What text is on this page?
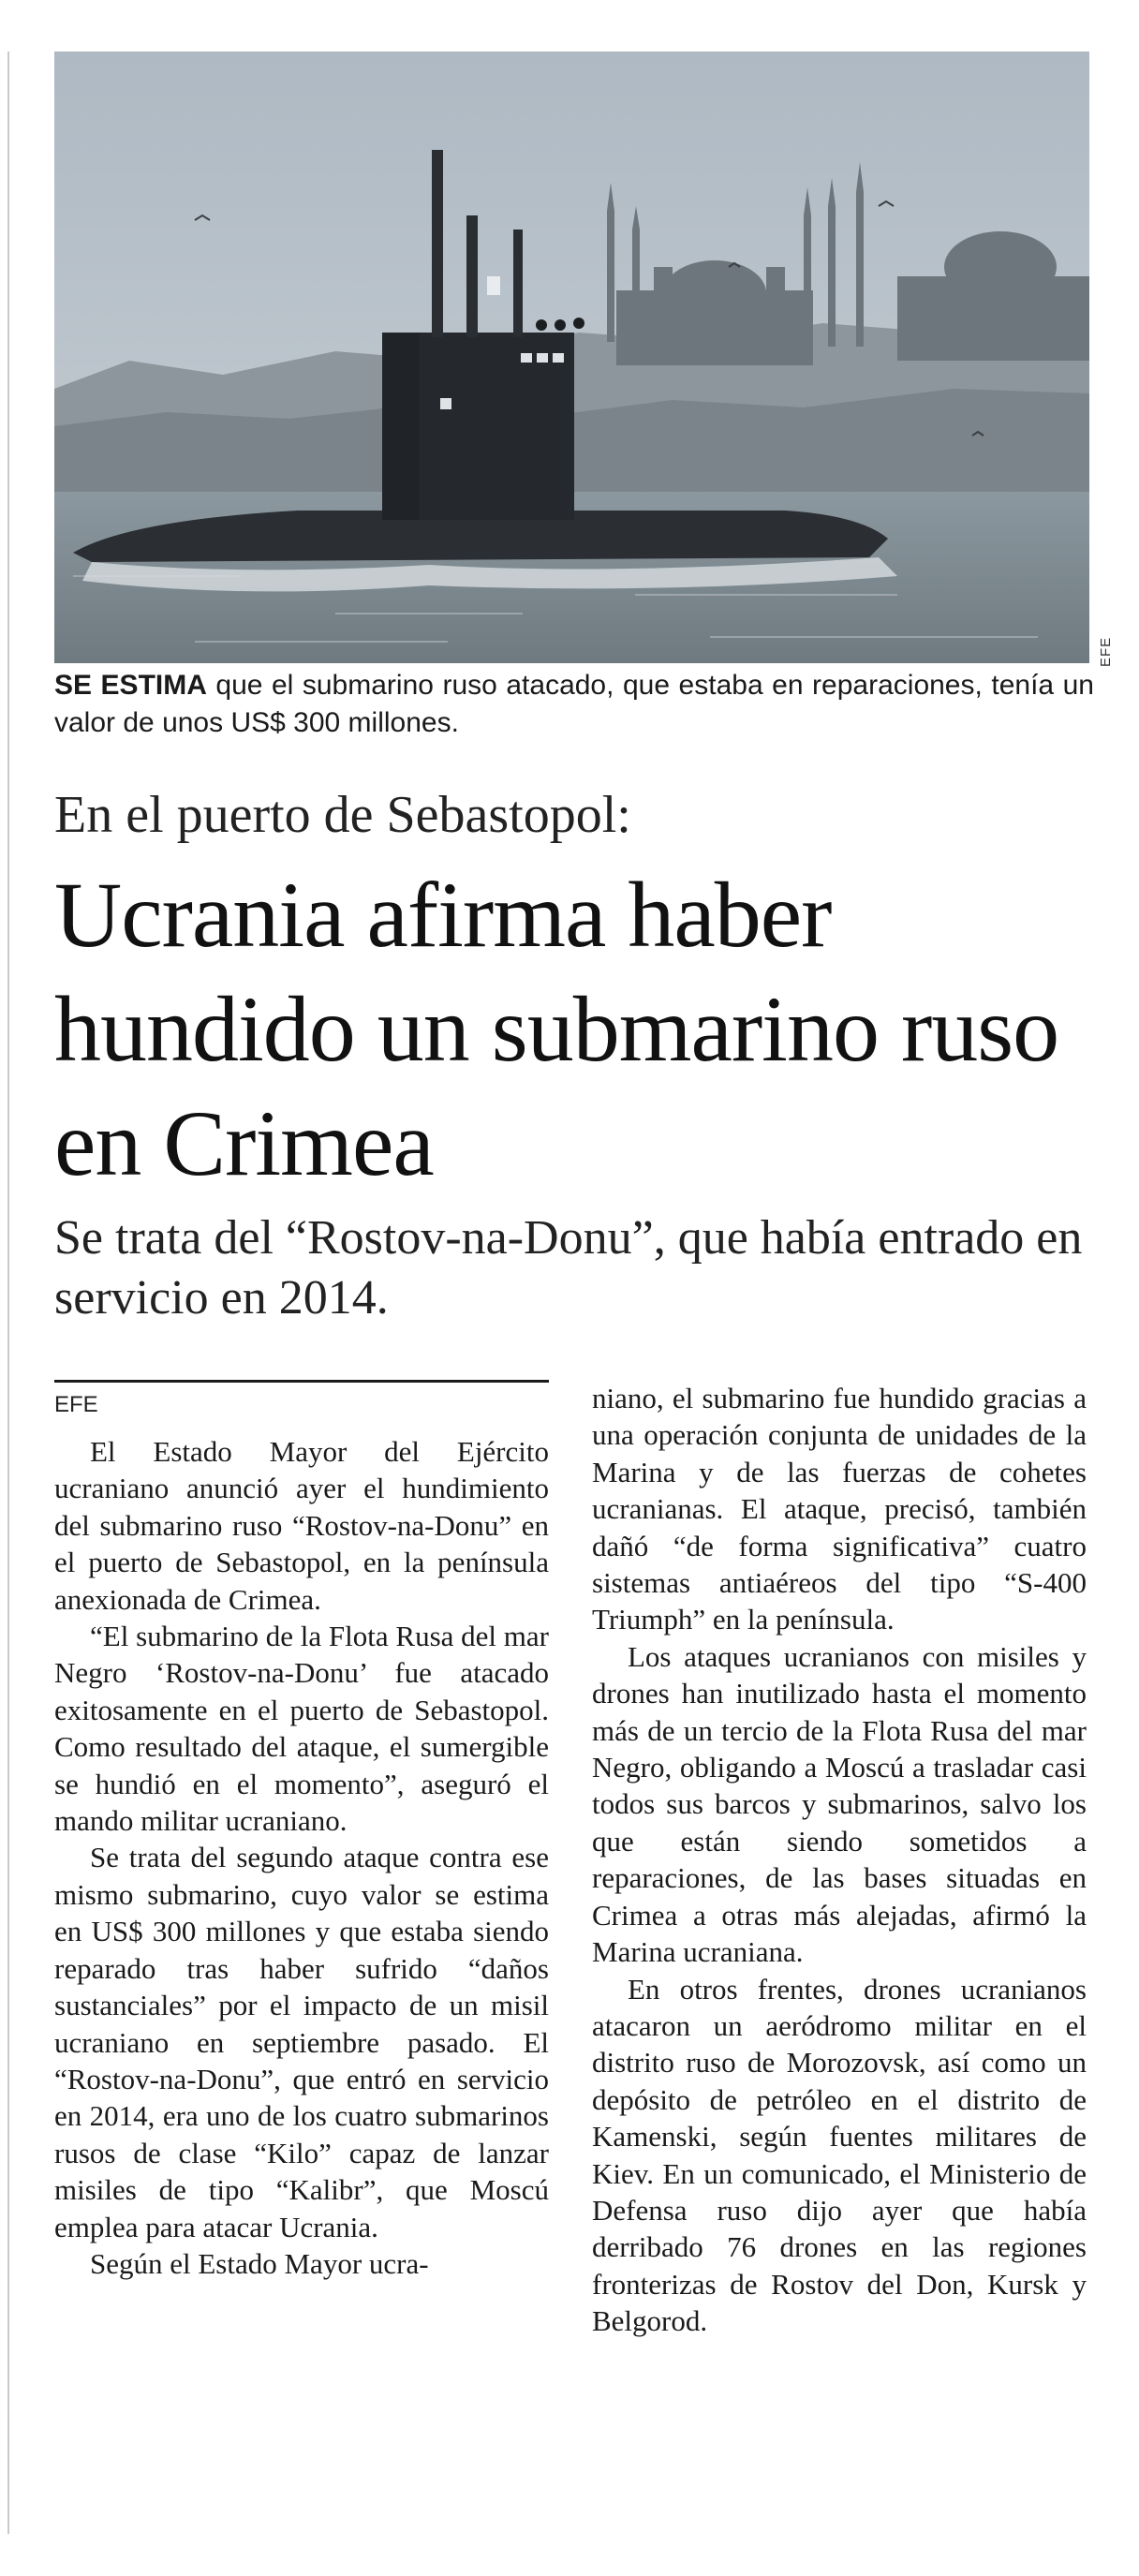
EFE
SE ESTIMA que el submarino ruso atacado, que estaba en reparaciones, tenía un valor de unos US$ 300 millones.
En el puerto de Sebastopol:
Ucrania afirma haber hundido un submarino ruso en Crimea
Se trata del “Rostov-na-Donu”, que había entrado en servicio en 2014.
EFE

El Estado Mayor del Ejército ucraniano anunció ayer el hundimiento del submarino ruso “Rostov-na-Donu” en el puerto de Sebastopol, en la península anexionada de Crimea.

“El submarino de la Flota Rusa del mar Negro ‘Rostov-na-Donu’ fue atacado exitosamente en el puerto de Sebastopol. Como resultado del ataque, el sumergible se hundió en el momento”, aseguró el mando militar ucraniano.

Se trata del segundo ataque contra ese mismo submarino, cuyo valor se estima en US$ 300 millones y que estaba siendo reparado tras haber sufrido “daños sustanciales” por el impacto de un misil ucraniano en septiembre pasado. El “Rostov-na-Donu”, que entró en servicio en 2014, era uno de los cuatro submarinos rusos de clase “Kilo” capaz de lanzar misiles de tipo “Kalibr”, que Moscú emplea para atacar Ucrania.

Según el Estado Mayor ucra-

niano, el submarino fue hundido gracias a una operación conjunta de unidades de la Marina y de las fuerzas de cohetes ucranianas. El ataque, precisó, también dañó “de forma significativa” cuatro sistemas antiaéreos del tipo “S-400 Triumph” en la península.

Los ataques ucranianos con misiles y drones han inutilizado hasta el momento más de un tercio de la Flota Rusa del mar Negro, obligando a Moscú a trasladar casi todos sus barcos y submarinos, salvo los que están siendo sometidos a reparaciones, de las bases situadas en Crimea a otras más alejadas, afirmó la Marina ucraniana.

En otros frentes, drones ucranianos atacaron un aeródromo militar en el distrito ruso de Morozovsk, así como un depósito de petróleo en el distrito de Kamenski, según fuentes militares de Kiev. En un comunicado, el Ministerio de Defensa ruso dijo ayer que había derribado 76 drones en las regiones fronterizas de Rostov del Don, Kursk y Belgorod.
